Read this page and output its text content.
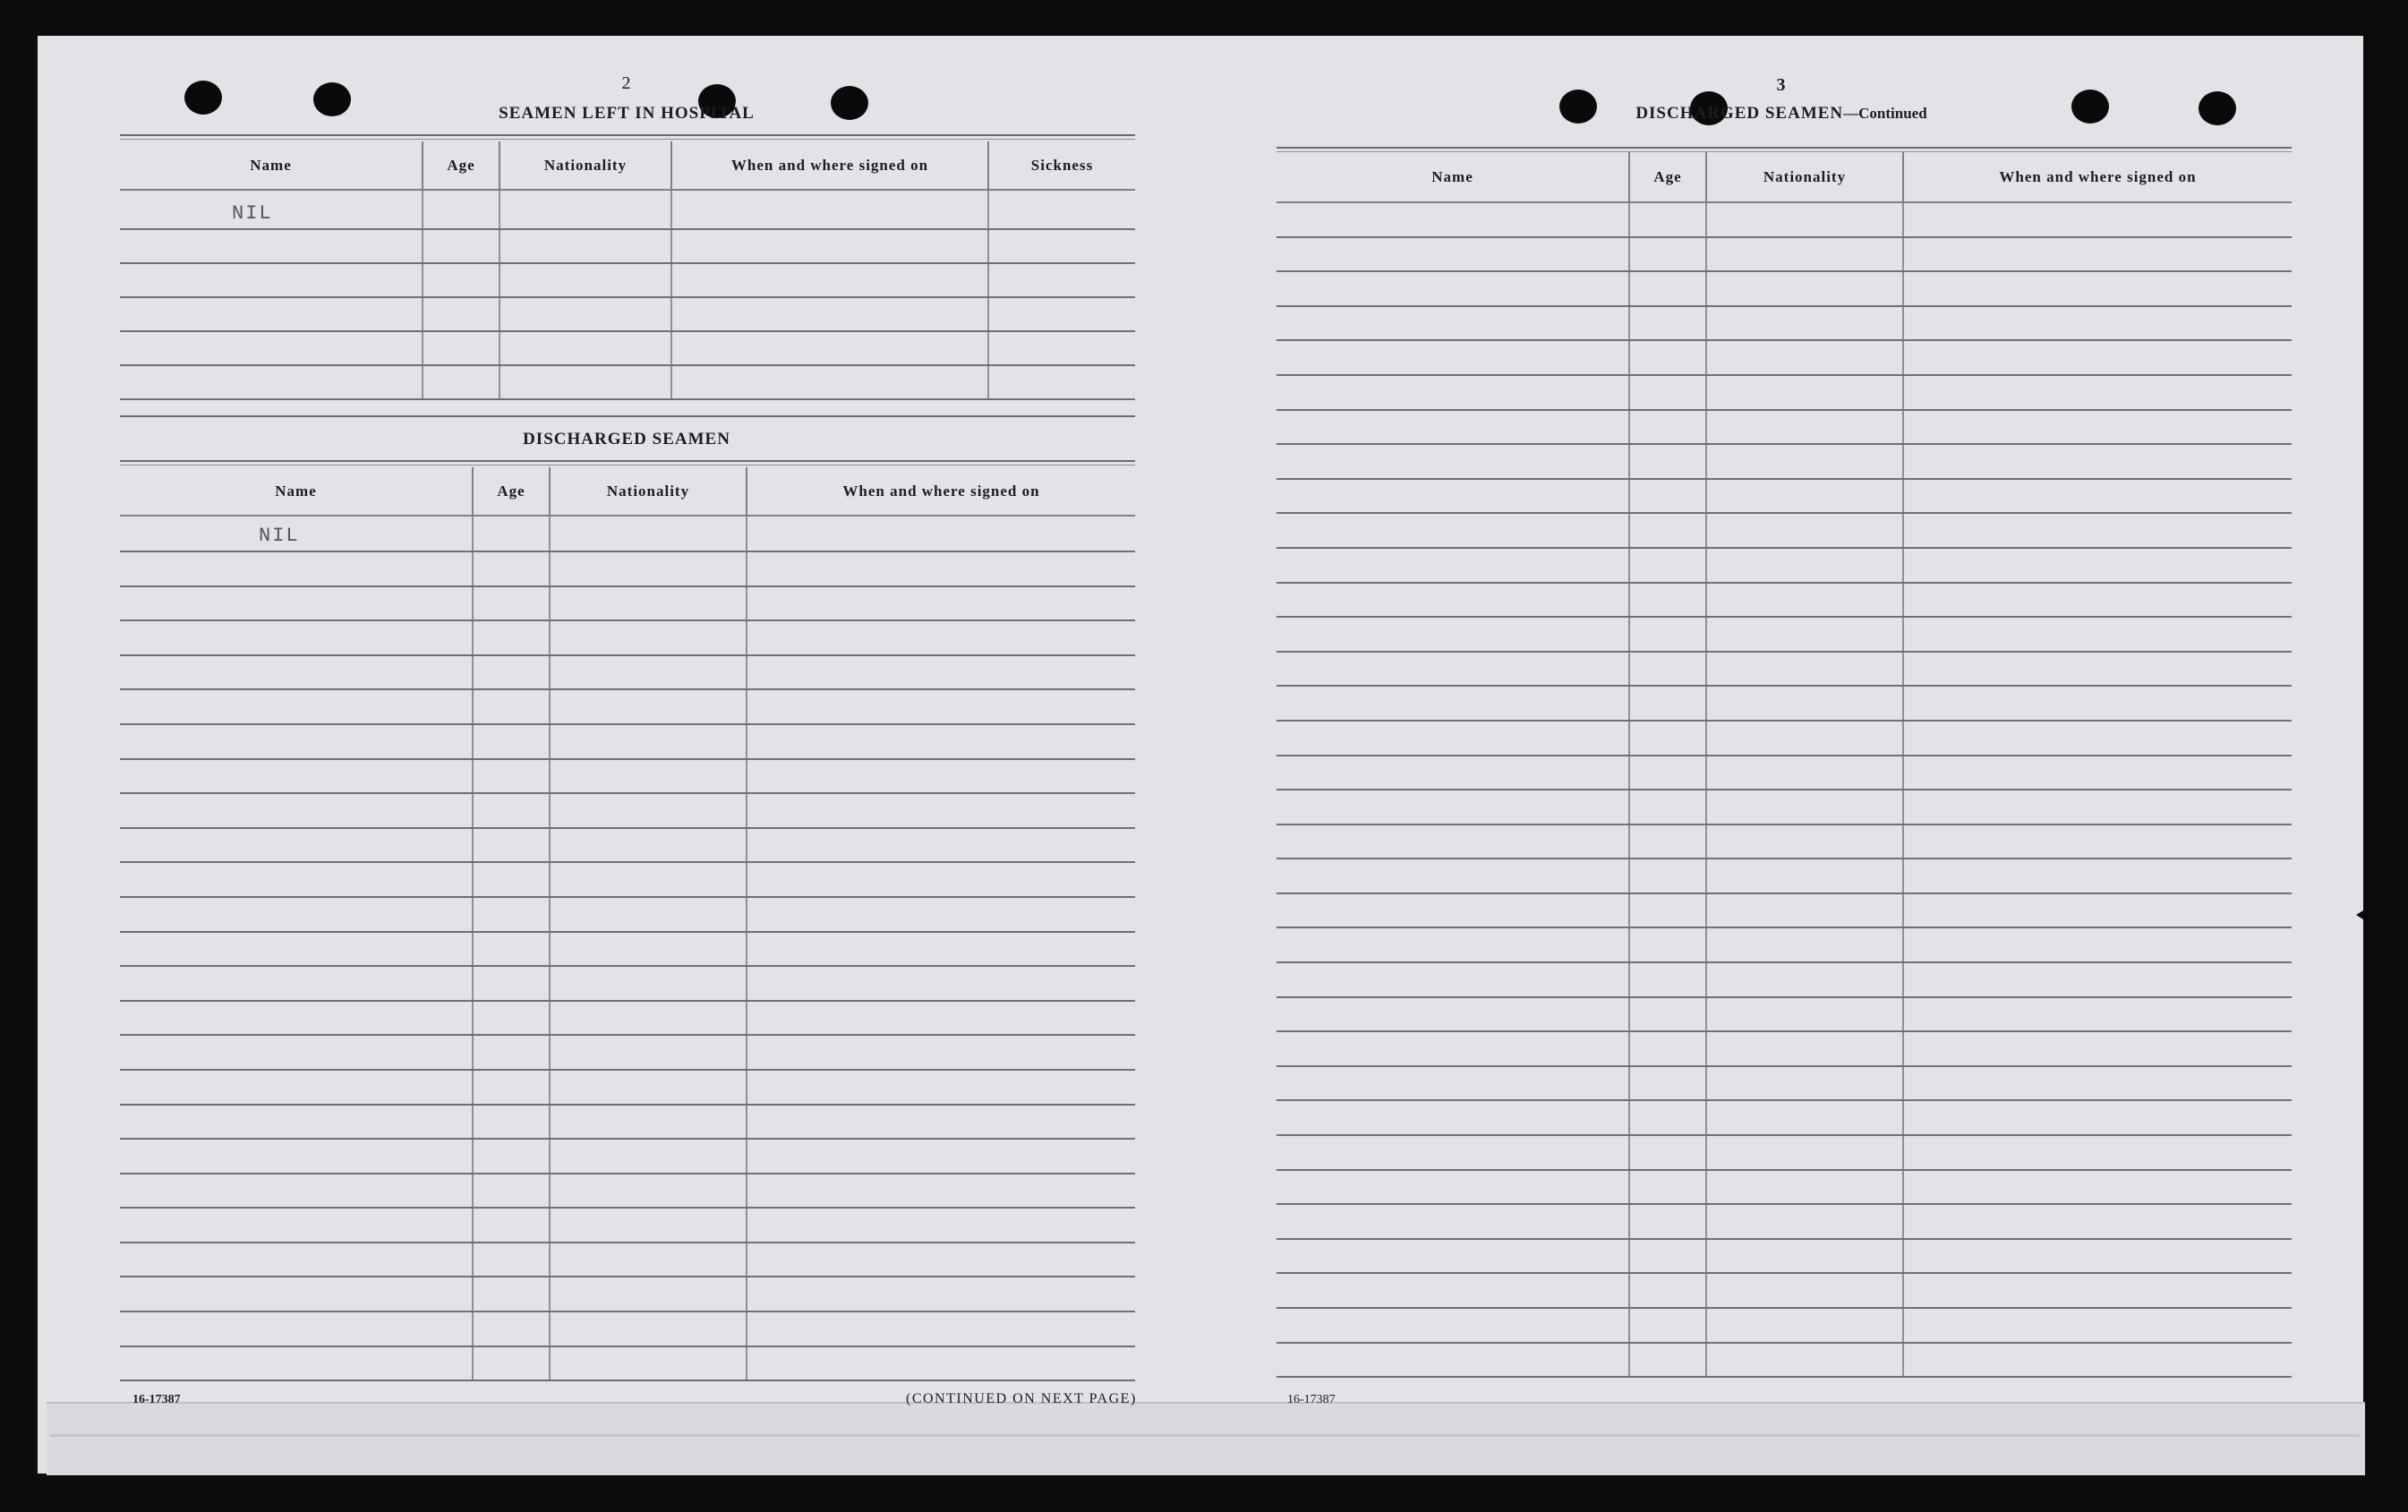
2
SEAMEN LEFT IN HOSPITAL
Name	Age	Nationality	When and where signed on	Sickness
NIL				

DISCHARGED SEAMEN
Name	Age	Nationality	When and where signed on
NIL			

16-17387	(CONTINUED ON NEXT PAGE)
3
DISCHARGED SEAMEN—Continued
Name	Age	Nationality	When and where signed on

16-17387
